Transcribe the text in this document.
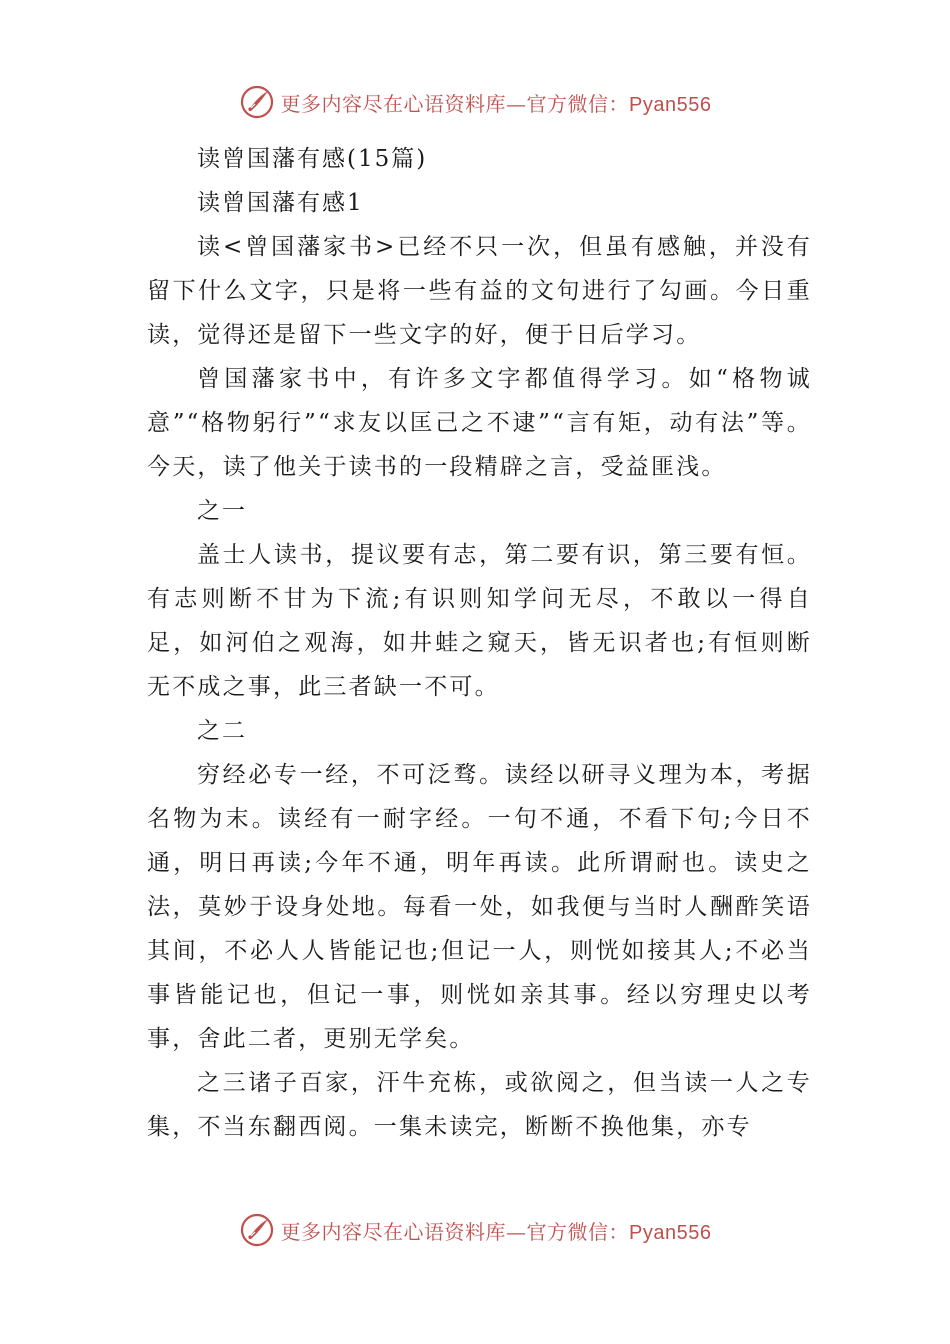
更多内容尽在心语资料库—官方微信：Pyan556
读曾国藩有感(15篇)
读曾国藩有感1

读<曾国藩家书>已经不只一次，但虽有感触，并没有留下什么文字，只是将一些有益的文句进行了勾画。今日重读，觉得还是留下一些文字的好，便于日后学习。

曾国藩家书中，有许多文字都值得学习。如“格物诚意”“格物躬行”“求友以匡己之不逮”“言有矩，动有法”等。今天，读了他关于读书的一段精辟之言，受益匪浅。

之一

盖士人读书，提议要有志，第二要有识，第三要有恒。有志则断不甘为下流;有识则知学问无尽，不敢以一得自足，如河伯之观海，如井蛙之窥天，皆无识者也;有恒则断无不成之事，此三者缺一不可。

之二

穷经必专一经，不可泛骛。读经以研寻义理为本，考据名物为末。读经有一耐字经。一句不通，不看下句;今日不通，明日再读;今年不通，明年再读。此所谓耐也。读史之法，莫妙于设身处地。每看一处，如我便与当时人酬酢笑语其间，不必人人皆能记也;但记一人，则恍如接其人;不必当事皆能记也，但记一事，则恍如亲其事。经以穷理史以考事，舍此二者，更别无学矣。

之三诸子百家，汗牛充栋，或欲阅之，但当读一人之专集，不当东翻西阅。一集未读完，断断不换他集，亦专

更多内容尽在心语资料库—官方微信：Pyan556
